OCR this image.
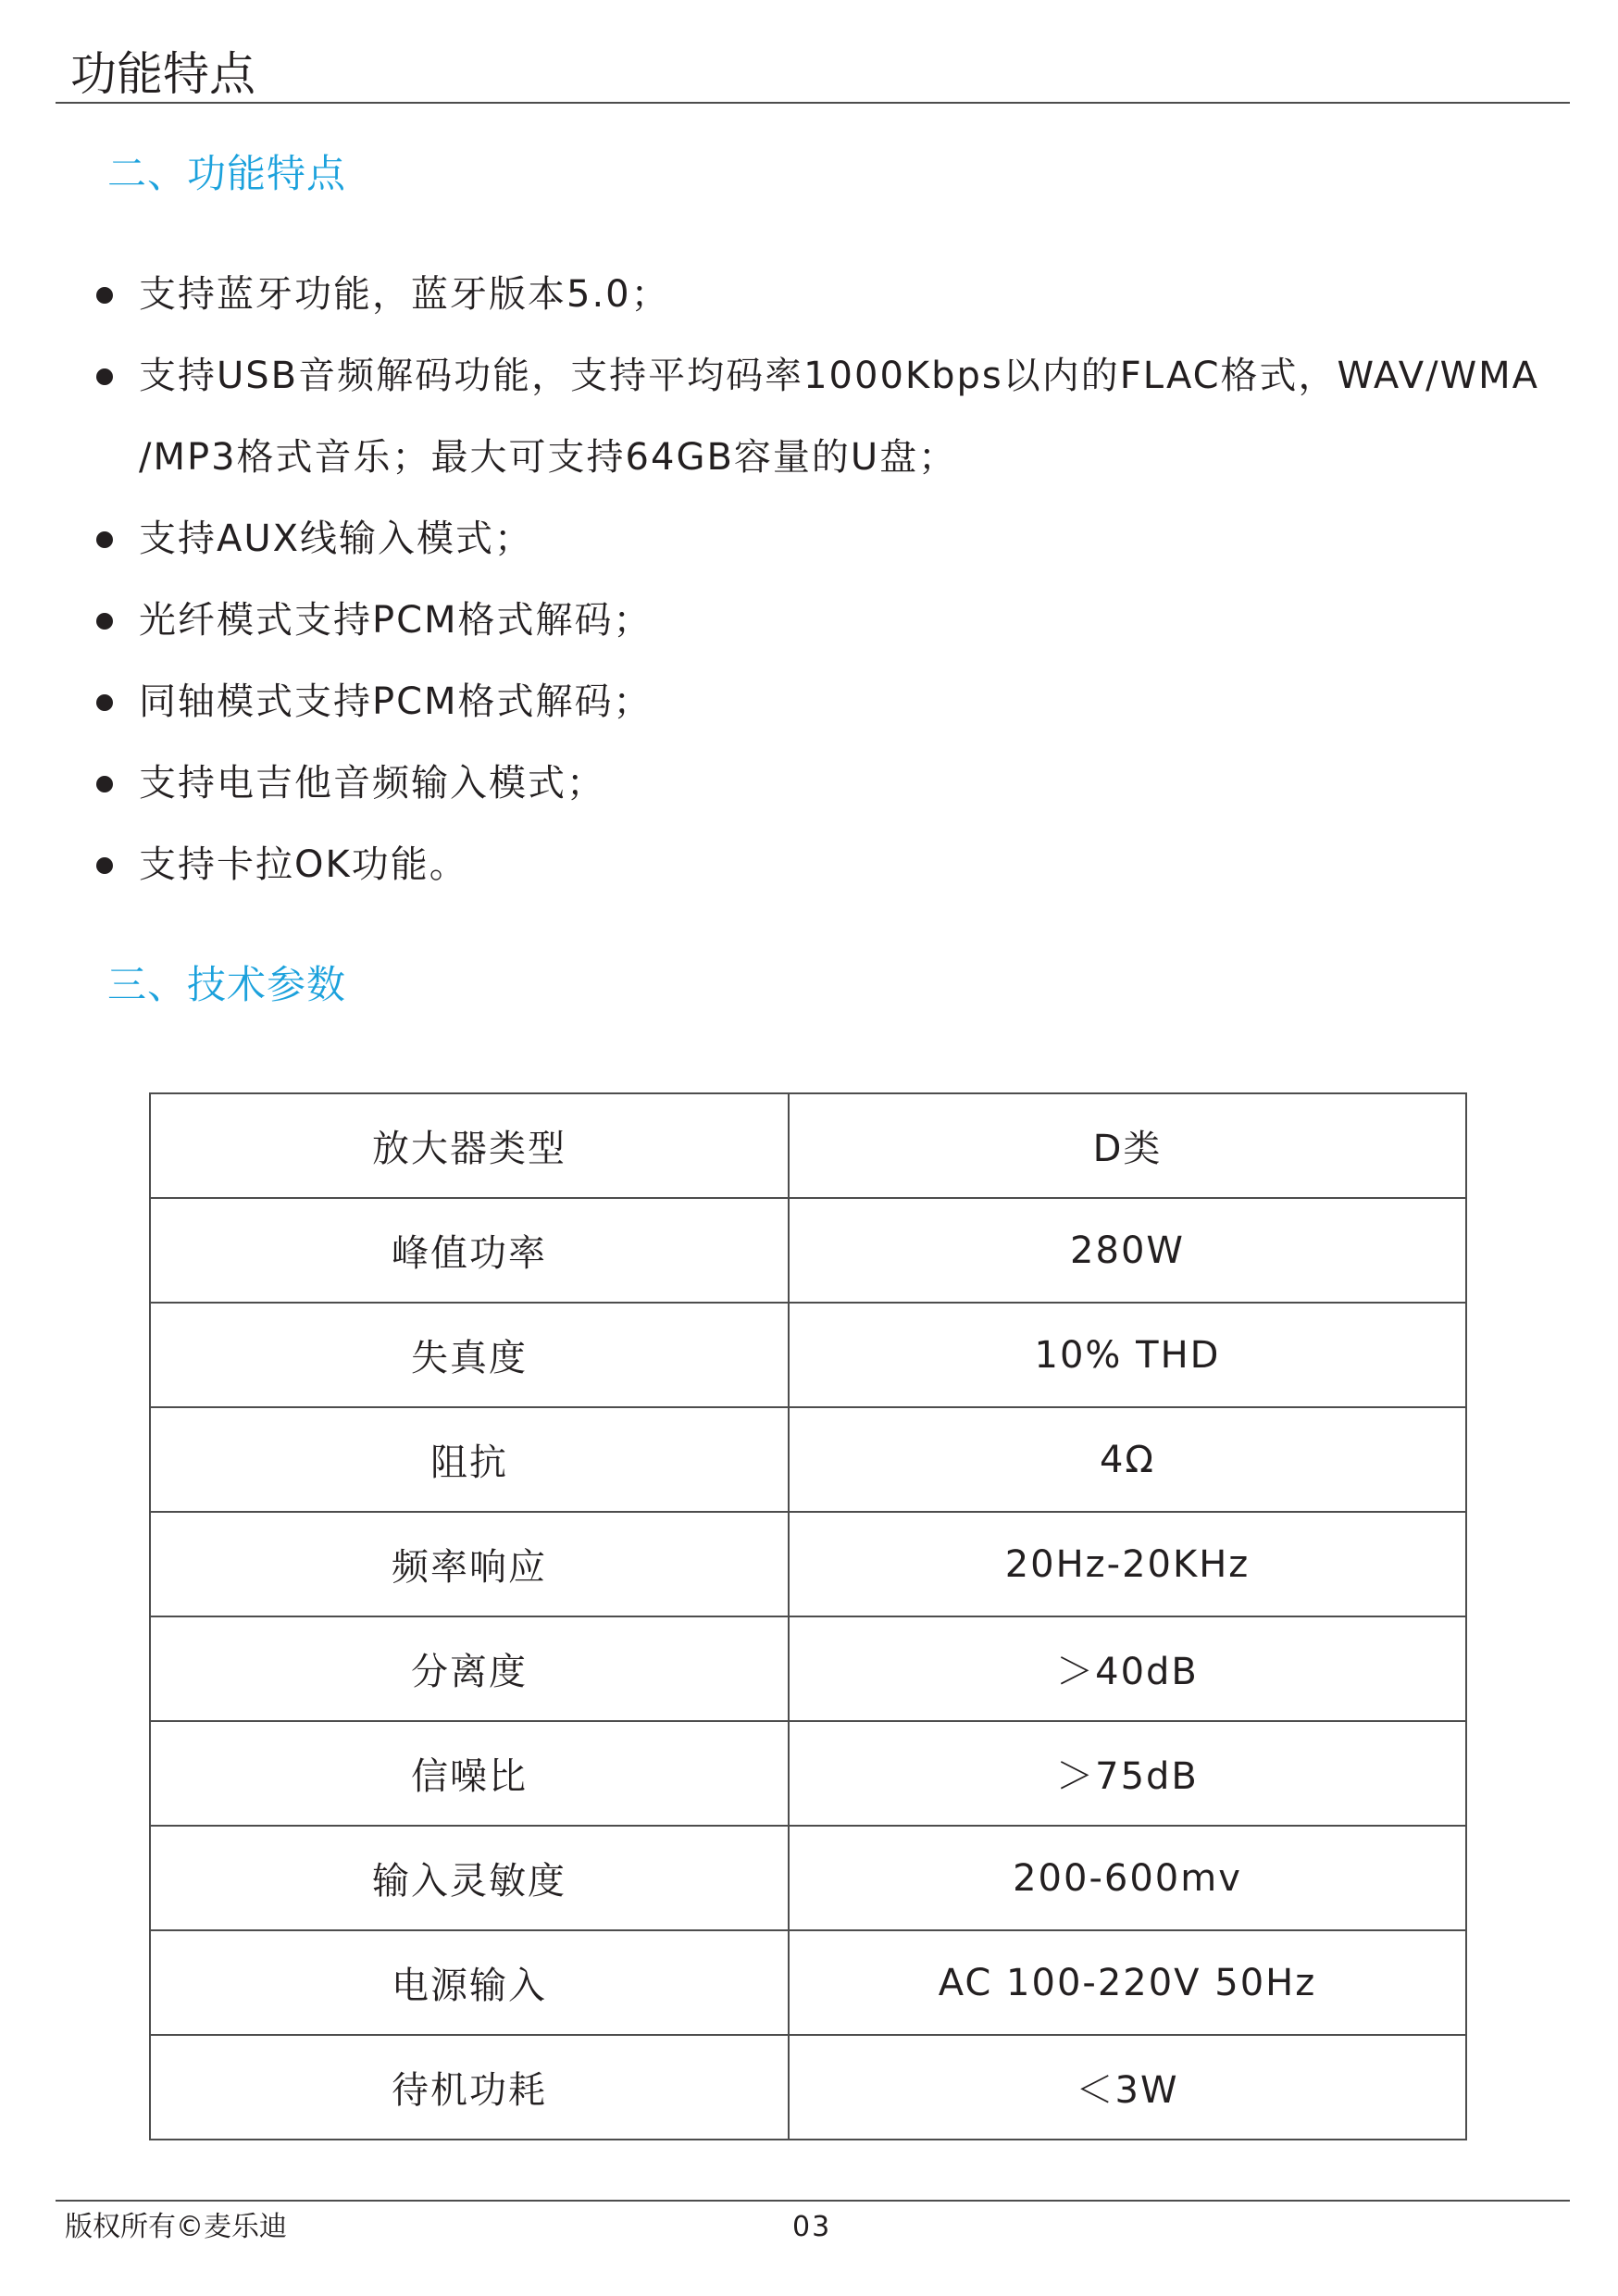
功能特点
二、功能特点
支持蓝牙功能，蓝牙版本5.0；
支持USB音频解码功能，支持平均码率1000Kbps以内的FLAC格式，WAV/WMA
/MP3格式音乐；最大可支持64GB容量的U盘；
支持AUX线输入模式；
光纤模式支持PCM格式解码；
同轴模式支持PCM格式解码；
支持电吉他音频输入模式；
支持卡拉OK功能。
三、技术参数
放大器类型	D类
峰值功率	280W
失真度	10% THD
阻抗	4Ω
频率响应	20Hz-20KHz
分离度	＞40dB
信噪比	＞75dB
输入灵敏度	200-600mv
电源输入	AC 100-220V 50Hz
待机功耗	＜3W
版权所有©麦乐迪	03
